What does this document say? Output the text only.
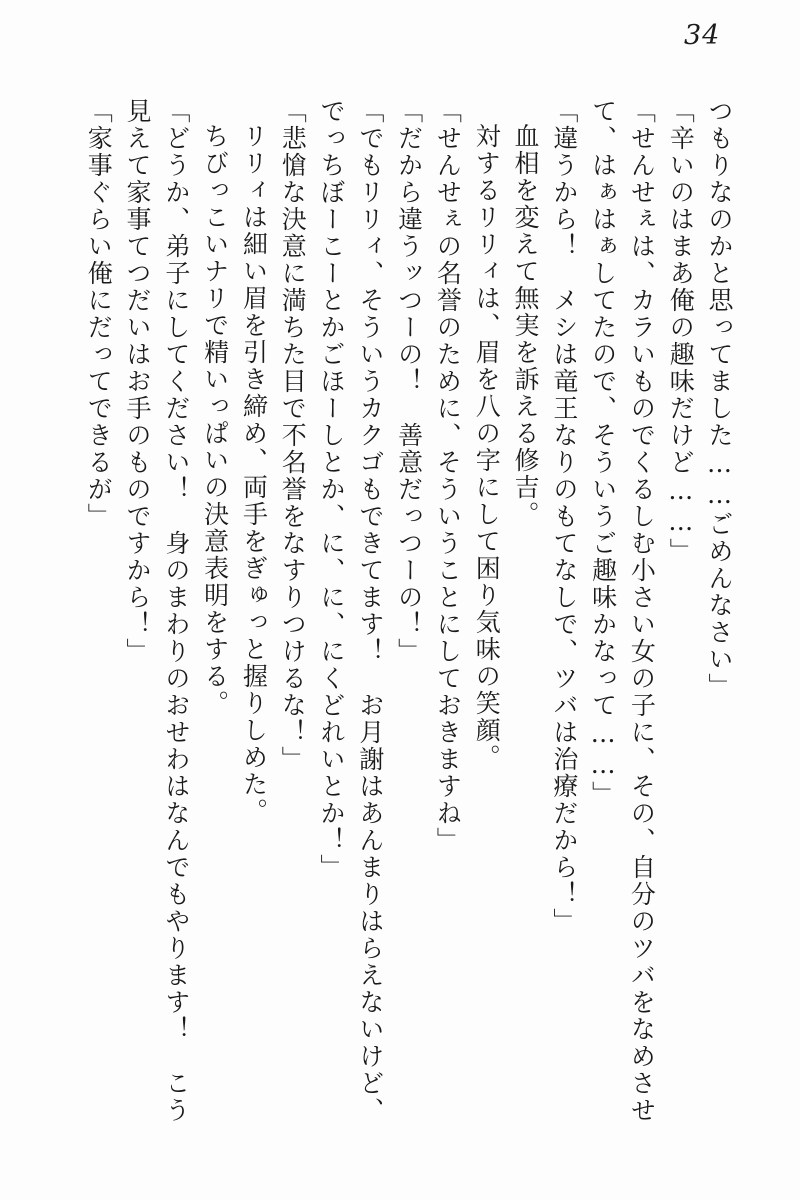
34

つもりなのかと思ってました……ごめんなさい」

「辛いのはまあ俺の趣味だけど……」

「せんせぇは、カラいものでくるしむ小さい女の子に、その、自分のツバをなめさせて、はぁはぁしてたので、そういうご趣味かなって……」

「違うから！　メシは竜王なりのもてなしで、ツバは治療だから！」

血相を変えて無実を訴える修吉。

対するリリィは、眉を八の字にして困り気味の笑顔。

「せんせぇの名誉のために、そういうことにしておきますね」

「だから違うッつーの！　善意だっつーの！」

「でもリリィ、そういうカクゴもできてます！　お月謝はあんまりはらえないけど、でっちぼーこーとかごほーしとか、に、に、にくどれいとか！」

「悲愴な決意に満ちた目で不名誉をなすりつけるな！」

リリィは細い眉を引き締め、両手をぎゅっと握りしめた。

ちびっこいナリで精いっぱいの決意表明をする。

「どうか、弟子にしてください！　身のまわりのおせわはなんでもやります！　こう見えて家事てつだいはお手のものですから！」

「家事ぐらい俺にだってできるが」
